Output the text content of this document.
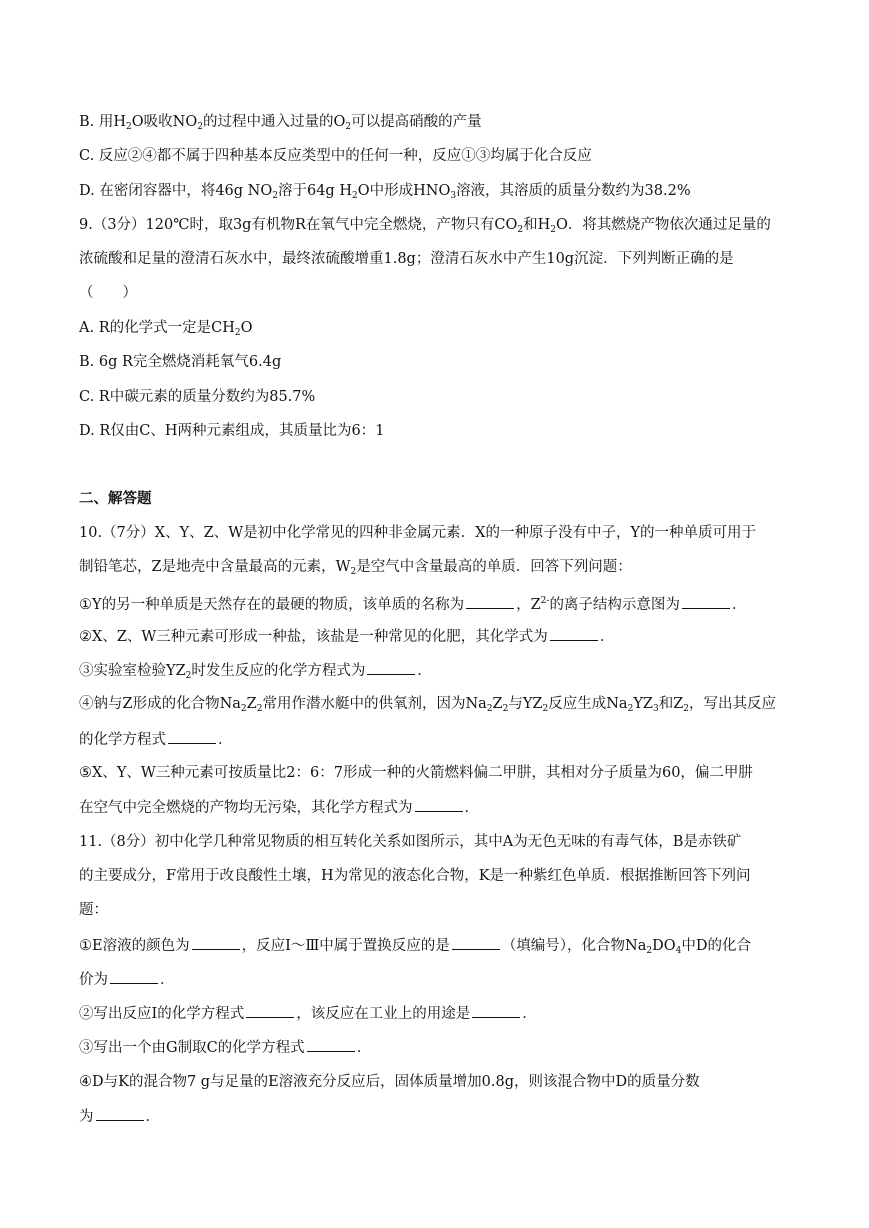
B. 用$H_2O$吸收$NO_2$的过程中通入过量的$O_2$可以提高硝酸的产量
C. 反应②④都不属于四种基本反应类型中的任何一种，反应①③均属于化合反应
D. 在密闭容器中，将46g $NO_2$溶于64g $H_2O$中形成$HNO_3$溶液，其溶质的质量分数约为38.2%
9.（3分）120℃时，取3g有机物R在氧气中完全燃烧，产物只有$CO_2$和$H_2O$．将其燃烧产物依次通过足量的
浓硫酸和足量的澄清石灰水中，最终浓硫酸增重1.8g；澄清石灰水中产生10g沉淀．下列判断正确的是
（　　）
A. R的化学式一定是$CH_2O$
B. 6g R完全燃烧消耗氧气6.4g
C. R中碳元素的质量分数约为85.7%
D. R仅由C、H两种元素组成，其质量比为6：1
二、解答题
10.（7分）X、Y、Z、W是初中化学常见的四种非金属元素．X的一种原子没有中子，Y的一种单质可用于
制铅笔芯，Z是地壳中含量最高的元素，$W_2$是空气中含量最高的单质．回答下列问题：
①Y的另一种单质是天然存在的最硬的物质，该单质的名称为	，$Z^{2-}$的离子结构示意图为	．
②X、Z、W三种元素可形成一种盐，该盐是一种常见的化肥，其化学式为	．
③实验室检验$YZ_2$时发生反应的化学方程式为	．
④钠与Z形成的化合物$Na_2Z_2$常用作潜水艇中的供氧剂，因为$Na_2Z_2$与$YZ_2$反应生成$Na_2YZ_3$和$Z_2$，写出其反应
的化学方程式	．
⑤X、Y、W三种元素可按质量比2：6：7形成一种的火箭燃料偏二甲肼，其相对分子质量为60，偏二甲肼
在空气中完全燃烧的产物均无污染，其化学方程式为	．
11.（8分）初中化学几种常见物质的相互转化关系如图所示，其中A为无色无味的有毒气体，B是赤铁矿
的主要成分，F常用于改良酸性土壤，H为常见的液态化合物，K是一种紫红色单质．根据推断回答下列问
题：
①E溶液的颜色为	，反应Ⅰ～Ⅲ中属于置换反应的是	（填编号），化合物$Na_2DO_4$中D的化合
价为	．
②写出反应Ⅰ的化学方程式	，该反应在工业上的用途是	．
③写出一个由G制取C的化学方程式	．
④D与K的混合物7 g与足量的E溶液充分反应后，固体质量增加0.8g，则该混合物中D的质量分数
为	．
